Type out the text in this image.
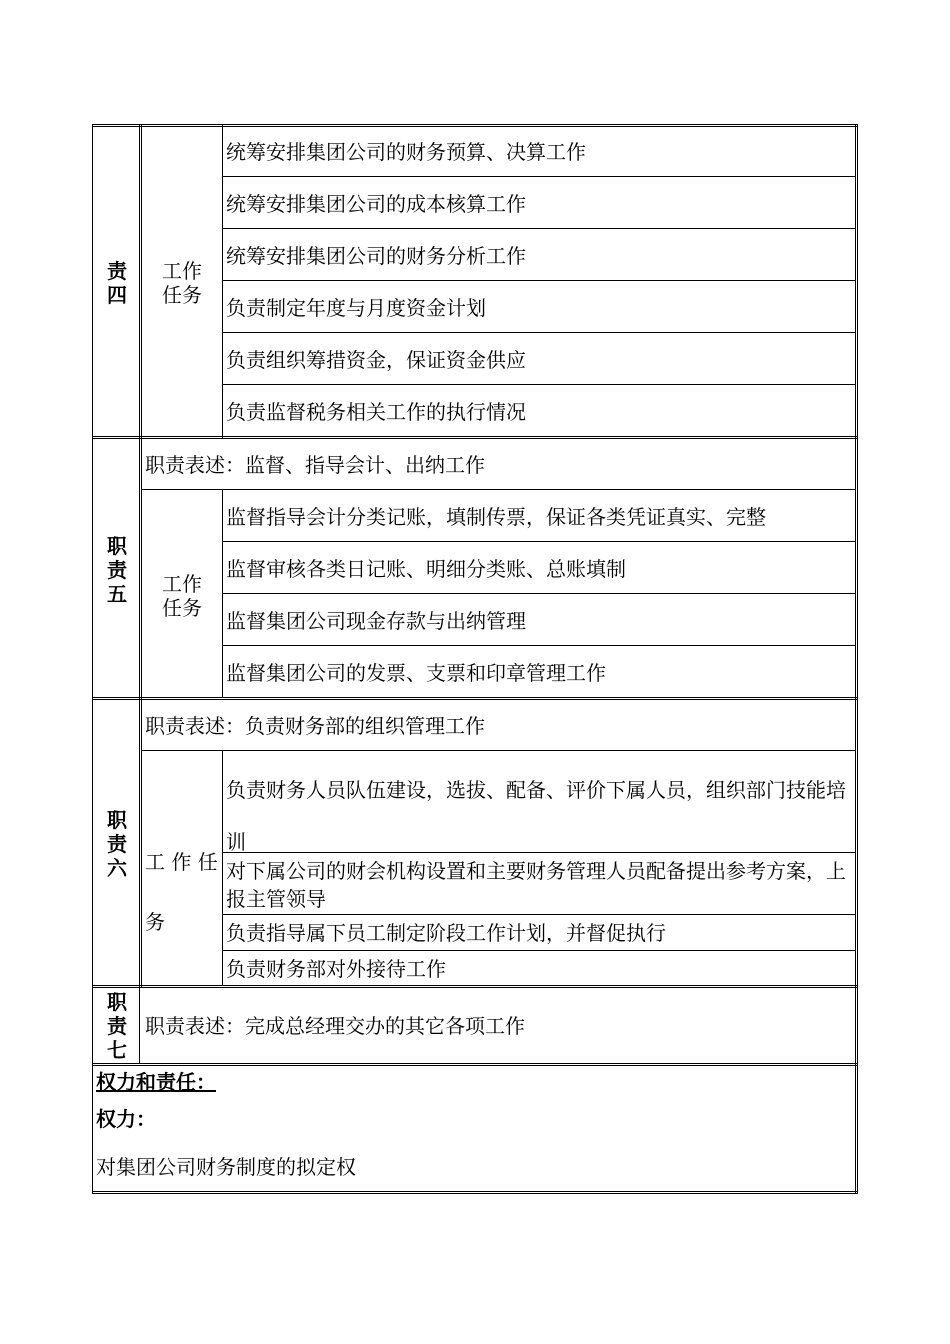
责
四
工作
任务
统筹安排集团公司的财务预算、决算工作
统筹安排集团公司的成本核算工作
统筹安排集团公司的财务分析工作
负责制定年度与月度资金计划
负责组织筹措资金，保证资金供应
负责监督税务相关工作的执行情况
职
责
五
职责表述：监督、指导会计、出纳工作
工作
任务
监督指导会计分类记账，填制传票，保证各类凭证真实、完整
监督审核各类日记账、明细分类账、总账填制
监督集团公司现金存款与出纳管理
监督集团公司的发票、支票和印章管理工作
职
责
六
职责表述：负责财务部的组织管理工作
工 作 任
务
负责财务人员队伍建设，选拔、配备、评价下属人员，组织部门技能培训
对下属公司的财会机构设置和主要财务管理人员配备提出参考方案，上报主管领导
负责指导属下员工制定阶段工作计划，并督促执行
负责财务部对外接待工作
职
责
七
职责表述：完成总经理交办的其它各项工作
权力和责任：
权力：
对集团公司财务制度的拟定权
